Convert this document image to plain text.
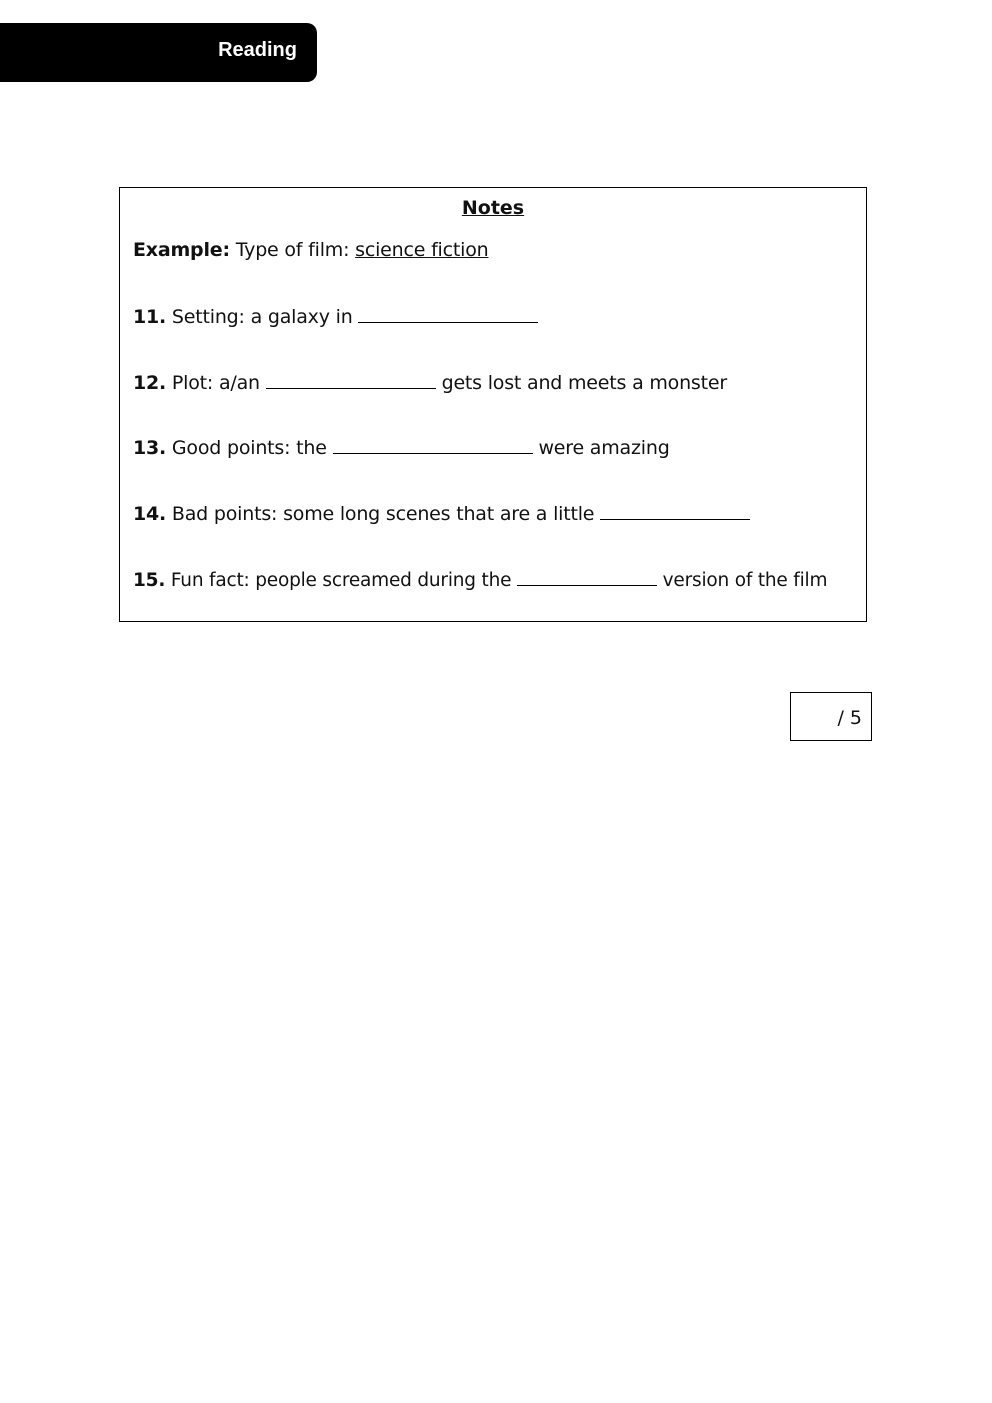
Reading
Notes
Example: Type of film: science fiction
11. Setting: a galaxy in
12. Plot: a/an	gets lost and meets a monster
13. Good points: the	were amazing
14. Bad points: some long scenes that are a little
15. Fun fact: people screamed during the	version of the film
/ 5
